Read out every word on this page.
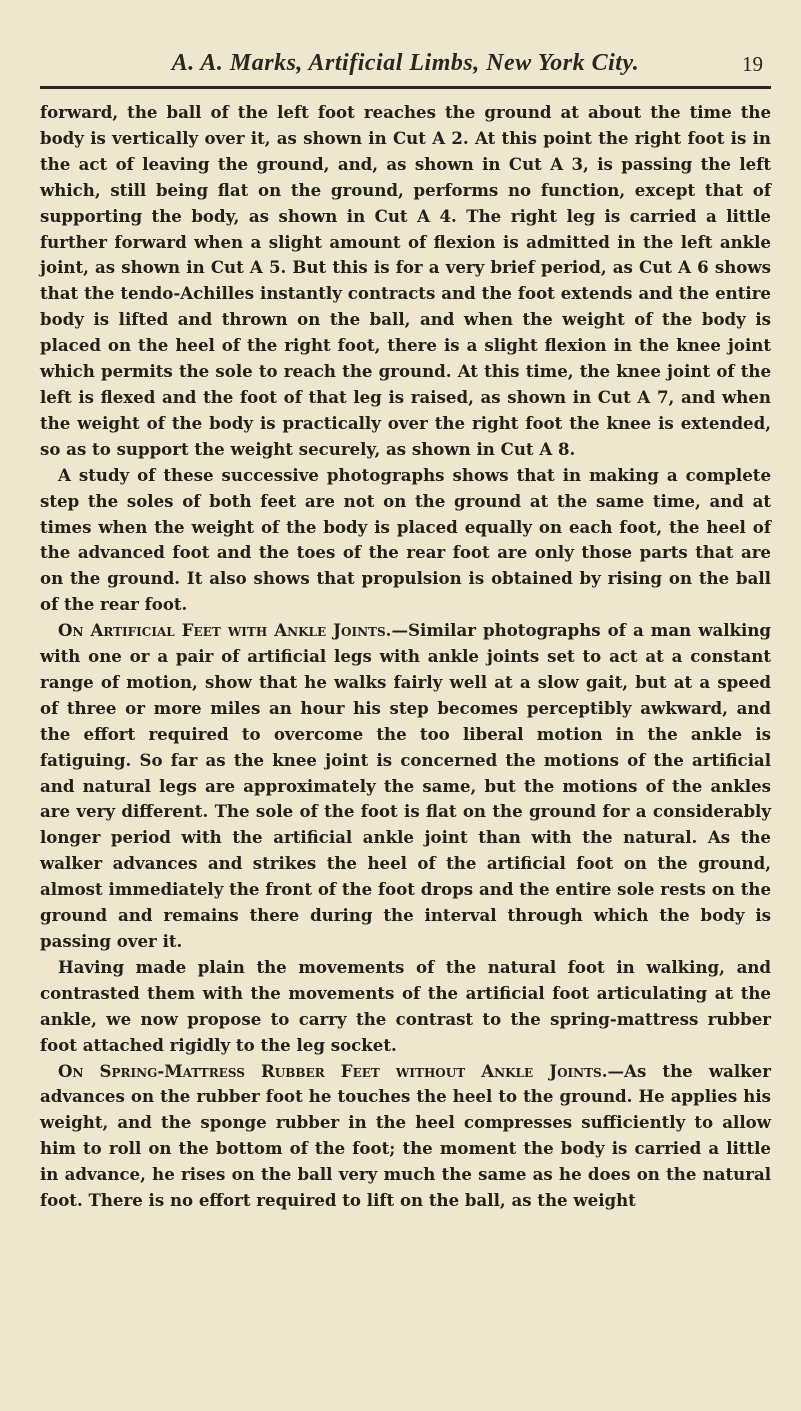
A. A. Marks, Artificial Limbs, New York City.	19

forward, the ball of the left foot reaches the ground at about the time the body is vertically over it, as shown in Cut A 2. At this point the right foot is in the act of leaving the ground, and, as shown in Cut A 3, is passing the left which, still being flat on the ground, performs no function, except that of supporting the body, as shown in Cut A 4. The right leg is carried a little further forward when a slight amount of flexion is admitted in the left ankle joint, as shown in Cut A 5. But this is for a very brief period, as Cut A 6 shows that the tendo-Achilles instantly contracts and the foot extends and the entire body is lifted and thrown on the ball, and when the weight of the body is placed on the heel of the right foot, there is a slight flexion in the knee joint which permits the sole to reach the ground. At this time, the knee joint of the left is flexed and the foot of that leg is raised, as shown in Cut A 7, and when the weight of the body is practically over the right foot the knee is extended, so as to support the weight securely, as shown in Cut A 8.

A study of these successive photographs shows that in making a complete step the soles of both feet are not on the ground at the same time, and at times when the weight of the body is placed equally on each foot, the heel of the advanced foot and the toes of the rear foot are only those parts that are on the ground. It also shows that propulsion is obtained by rising on the ball of the rear foot.

On Artificial Feet with Ankle Joints.—Similar photographs of a man walking with one or a pair of artificial legs with ankle joints set to act at a constant range of motion, show that he walks fairly well at a slow gait, but at a speed of three or more miles an hour his step becomes perceptibly awkward, and the effort required to overcome the too liberal motion in the ankle is fatiguing. So far as the knee joint is concerned the motions of the artificial and natural legs are approximately the same, but the motions of the ankles are very different. The sole of the foot is flat on the ground for a considerably longer period with the artificial ankle joint than with the natural. As the walker advances and strikes the heel of the artificial foot on the ground, almost immediately the front of the foot drops and the entire sole rests on the ground and remains there during the interval through which the body is passing over it.

Having made plain the movements of the natural foot in walking, and contrasted them with the movements of the artificial foot articulating at the ankle, we now propose to carry the contrast to the spring-mattress rubber foot attached rigidly to the leg socket.

On Spring-Mattress Rubber Feet without Ankle Joints.—As the walker advances on the rubber foot he touches the heel to the ground. He applies his weight, and the sponge rubber in the heel compresses sufficiently to allow him to roll on the bottom of the foot; the moment the body is carried a little in advance, he rises on the ball very much the same as he does on the natural foot. There is no effort required to lift on the ball, as the weight
